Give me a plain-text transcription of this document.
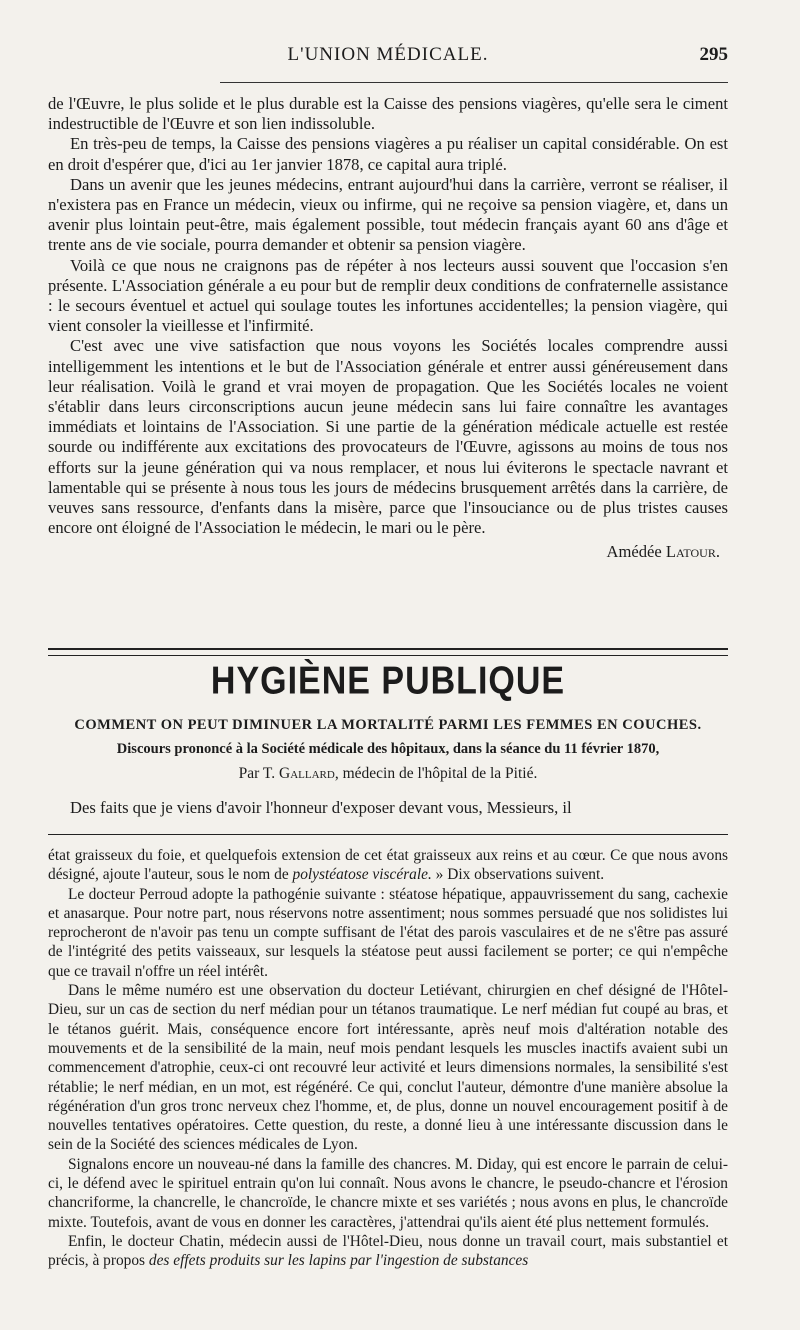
L'UNION MÉDICALE.	295

de l'Œuvre, le plus solide et le plus durable est la Caisse des pensions viagères, qu'elle sera le ciment indestructible de l'Œuvre et son lien indissoluble.

En très-peu de temps, la Caisse des pensions viagères a pu réaliser un capital considérable. On est en droit d'espérer que, d'ici au 1er janvier 1878, ce capital aura triplé.

Dans un avenir que les jeunes médecins, entrant aujourd'hui dans la carrière, verront se réaliser, il n'existera pas en France un médecin, vieux ou infirme, qui ne reçoive sa pension viagère, et, dans un avenir plus lointain peut-être, mais également possible, tout médecin français ayant 60 ans d'âge et trente ans de vie sociale, pourra demander et obtenir sa pension viagère.

Voilà ce que nous ne craignons pas de répéter à nos lecteurs aussi souvent que l'occasion s'en présente. L'Association générale a eu pour but de remplir deux conditions de confraternelle assistance : le secours éventuel et actuel qui soulage toutes les infortunes accidentelles; la pension viagère, qui vient consoler la vieillesse et l'infirmité.

C'est avec une vive satisfaction que nous voyons les Sociétés locales comprendre aussi intelligemment les intentions et le but de l'Association générale et entrer aussi généreusement dans leur réalisation. Voilà le grand et vrai moyen de propagation. Que les Sociétés locales ne voient s'établir dans leurs circonscriptions aucun jeune médecin sans lui faire connaître les avantages immédiats et lointains de l'Association. Si une partie de la génération médicale actuelle est restée sourde ou indifférente aux excitations des provocateurs de l'Œuvre, agissons au moins de tous nos efforts sur la jeune génération qui va nous remplacer, et nous lui éviterons le spectacle navrant et lamentable qui se présente à nous tous les jours de médecins brusquement arrêtés dans la carrière, de veuves sans ressource, d'enfants dans la misère, parce que l'insouciance ou de plus tristes causes encore ont éloigné de l'Association le médecin, le mari ou le père.

Amédée Latour.
HYGIÈNE PUBLIQUE
COMMENT ON PEUT DIMINUER LA MORTALITÉ PARMI LES FEMMES EN COUCHES.
Discours prononcé à la Société médicale des hôpitaux, dans la séance du 11 février 1870,
Par T. Gallard, médecin de l'hôpital de la Pitié.

Des faits que je viens d'avoir l'honneur d'exposer devant vous, Messieurs, il

état graisseux du foie, et quelquefois extension de cet état graisseux aux reins et au cœur. Ce que nous avons désigné, ajoute l'auteur, sous le nom de polystéatose viscérale. » Dix observations suivent.

Le docteur Perroud adopte la pathogénie suivante : stéatose hépatique, appauvrissement du sang, cachexie et anasarque. Pour notre part, nous réservons notre assentiment; nous sommes persuadé que nos solidistes lui reprocheront de n'avoir pas tenu un compte suffisant de l'état des parois vasculaires et de ne s'être pas assuré de l'intégrité des petits vaisseaux, sur lesquels la stéatose peut aussi facilement se porter; ce qui n'empêche que ce travail n'offre un réel intérêt.

Dans le même numéro est une observation du docteur Letiévant, chirurgien en chef désigné de l'Hôtel-Dieu, sur un cas de section du nerf médian pour un tétanos traumatique. Le nerf médian fut coupé au bras, et le tétanos guérit. Mais, conséquence encore fort intéressante, après neuf mois d'altération notable des mouvements et de la sensibilité de la main, neuf mois pendant lesquels les muscles inactifs avaient subi un commencement d'atrophie, ceux-ci ont recouvré leur activité et leurs dimensions normales, la sensibilité s'est rétablie; le nerf médian, en un mot, est régénéré. Ce qui, conclut l'auteur, démontre d'une manière absolue la régénération d'un gros tronc nerveux chez l'homme, et, de plus, donne un nouvel encouragement positif à de nouvelles tentatives opératoires. Cette question, du reste, a donné lieu à une intéressante discussion dans le sein de la Société des sciences médicales de Lyon.

Signalons encore un nouveau-né dans la famille des chancres. M. Diday, qui est encore le parrain de celui-ci, le défend avec le spirituel entrain qu'on lui connaît. Nous avons le chancre, le pseudo-chancre et l'érosion chancriforme, la chancrelle, le chancroïde, le chancre mixte et ses variétés ; nous avons en plus, le chancroïde mixte. Toutefois, avant de vous en donner les caractères, j'attendrai qu'ils aient été plus nettement formulés.

Enfin, le docteur Chatin, médecin aussi de l'Hôtel-Dieu, nous donne un travail court, mais substantiel et précis, à propos des effets produits sur les lapins par l'ingestion de substances
